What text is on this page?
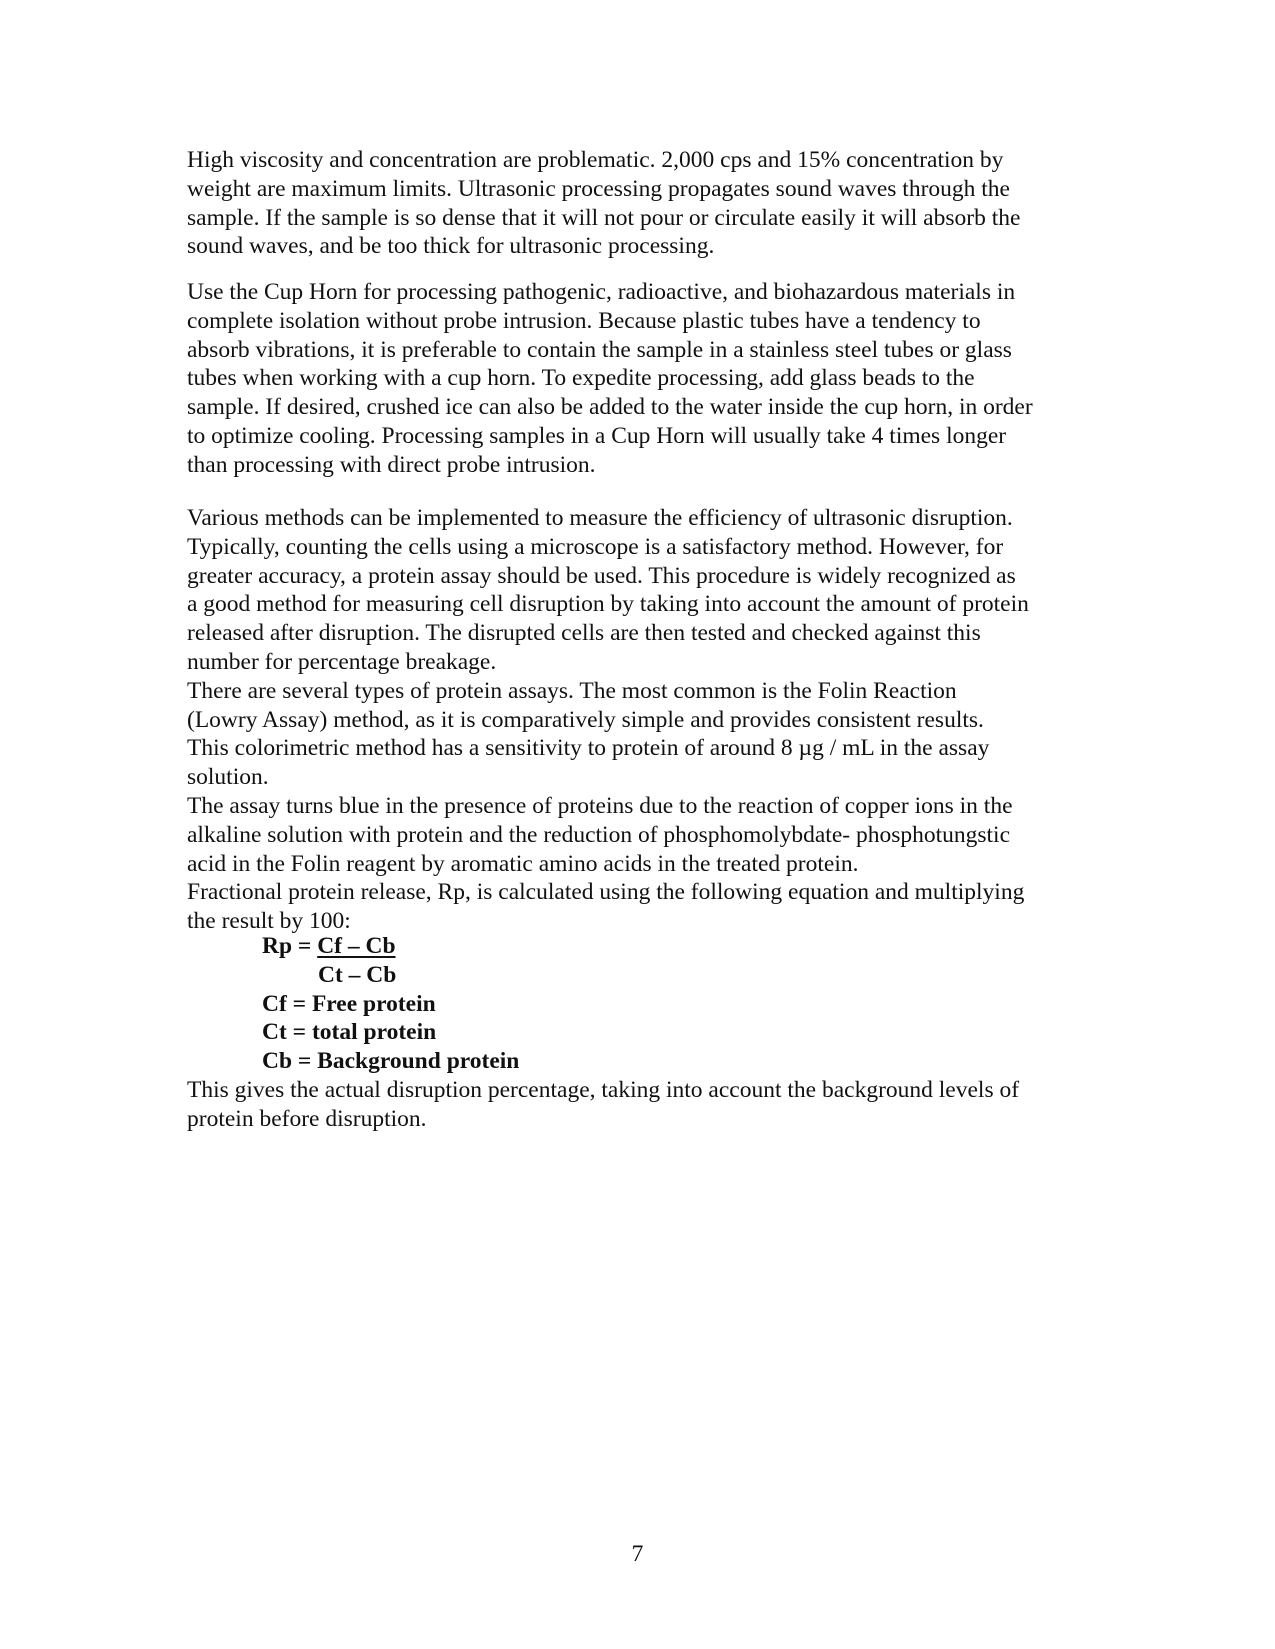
High viscosity and concentration are problematic. 2,000 cps and 15% concentration by
weight are maximum limits. Ultrasonic processing propagates sound waves through the
sample. If the sample is so dense that it will not pour or circulate easily it will absorb the
sound waves, and be too thick for ultrasonic processing.
Use the Cup Horn for processing pathogenic, radioactive, and biohazardous materials in
complete isolation without probe intrusion. Because plastic tubes have a tendency to
absorb vibrations, it is preferable to contain the sample in a stainless steel tubes or glass
tubes when working with a cup horn. To expedite processing, add glass beads to the
sample. If desired, crushed ice can also be added to the water inside the cup horn, in order
to optimize cooling. Processing samples in a Cup Horn will usually take 4 times longer
than processing with direct probe intrusion.
Various methods can be implemented to measure the efficiency of ultrasonic disruption.
Typically, counting the cells using a microscope is a satisfactory method. However, for
greater accuracy, a protein assay should be used. This procedure is widely recognized as
a good method for measuring cell disruption by taking into account the amount of protein
released after disruption. The disrupted cells are then tested and checked against this
number for percentage breakage.
There are several types of protein assays. The most common is the Folin Reaction
(Lowry Assay) method, as it is comparatively simple and provides consistent results.
This colorimetric method has a sensitivity to protein of around 8 µg / mL in the assay
solution.
The assay turns blue in the presence of proteins due to the reaction of copper ions in the
alkaline solution with protein and the reduction of phosphomolybdate- phosphotungstic
acid in the Folin reagent by aromatic amino acids in the treated protein.
Fractional protein release, Rp, is calculated using the following equation and multiplying
the result by 100:
Rp = Cf – Cb
Ct – Cb
Cf = Free protein
Ct = total protein
Cb = Background protein
This gives the actual disruption percentage, taking into account the background levels of
protein before disruption.
7
